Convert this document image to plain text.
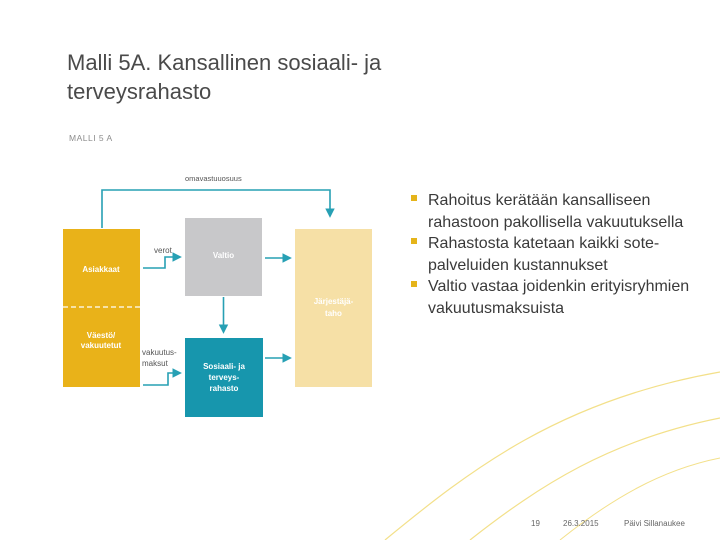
Malli 5A. Kansallinen sosiaali- ja
terveysrahasto
MALLI 5 A
omavastuuosuus
Asiakkaat
Väestö/
vakuutetut
verot
Valtio
vakuutus-
maksut	Sosiaali- ja
terveys-
rahasto
Järjestäjä-
taho
Rahoitus kerätään kansalliseen rahastoon pakollisella vakuutuksella
Rahastosta katetaan kaikki sote-palveluiden kustannukset
Valtio vastaa joidenkin erityisryhmien vakuutusmaksuista
19	26.3.2015	Päivi Sillanaukee
